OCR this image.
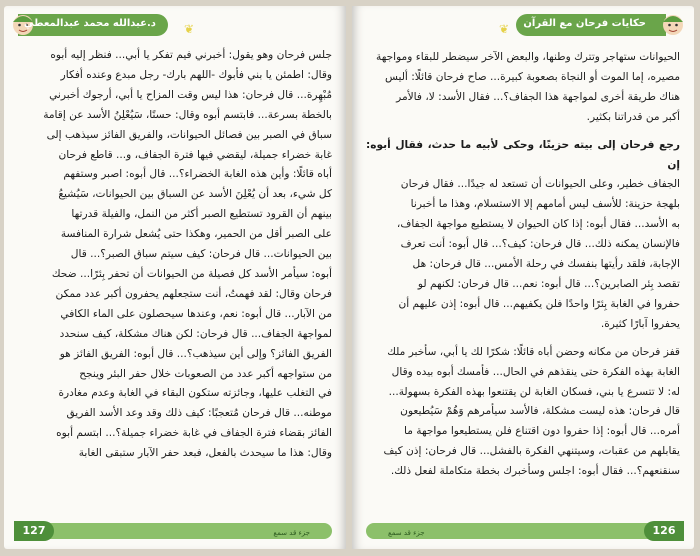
د.عبدالله محمد عبدالمعطي ❦

جلس فرحان وهو يقول: أخبرني فيم تفكر يا أبي... فنظر إليه أبوه

وقال: اطمئن يا بني فأبوك -اللهم بارك- رجل مبدع وعنده أفكار

مُبْهِرة... قال فرحان: هذا ليس وقت المزاح يا أبي، أرجوك أخبرني

بالخطة بسرعة... فابتسم أبوه وقال: حسنًا، سَيُعْلِنُ الأسد عن إقامة

سباق في الصبر بين فصائل الحيوانات، والفريق الفائز سيذهب إلى

غابة خضراء جميلة، ليقضي فيها فترة الجفاف، و... قاطع فرحان

أباه قائلًا: وأين هذه الغابة الخضراء؟... قال أبوه: اصبر وستفهم

كل شيء، بعد أن يُعْلِنَ الأسد عن السباق بين الحيوانات، سَيُشيعُ

بينهم أن القرود تستطيع الصبر أكثر من النمل، والفيلة قدرتها

على الصبر أقل من الحمير، وهكذا حتى يُشعل شرارة المنافسة

بين الحيوانات... قال فرحان: كيف سيتم سباق الصبر؟... قال

أبوه: سيأمر الأسد كل فصيلة من الحيوانات أن تحفر بِئرًا... ضحك

فرحان وقال: لقد فهمتُ، أنت ستجعلهم يحفرون أكبر عدد ممكن

من الآبار... قال أبوه: نعم، وعندها سيحصلون على الماء الكافي

لمواجهة الجفاف... قال فرحان: لكن هناك مشكلة، كيف سنحدد

الفريق الفائز؟ وإلى أين سيذهب؟... قال أبوه: الفريق الفائز هو

من ستواجهه أكبر عدد من الصعوبات خلال حفر البئر وينجح

في التغلب عليها، وجائزته ستكون البقاء في الغابة وعدم مغادرة

موطنه... قال فرحان مُتعجبًا: كيف ذلك وقد وعد الأسد الفريق

الفائز بقضاء فترة الجفاف في غابة خضراء جميلة؟... ابتسم أبوه

وقال: هذا ما سيحدث بالفعل، فبعد حفر الآبار ستبقى الغابة

جزء قد سمع
127
حكايات فرحان مع القرآن
❦

الحيوانات ستهاجر وتترك وطنها، والبعض الآخر سيضطر للبقاء ومواجهة

مصيره، إما الموت أو النجاة بصعوبة كبيرة... صاح فرحان قائلًا: أليس

هناك طريقة أخرى لمواجهة هذا الجفاف؟... فقال الأسد: لا، فالأمر

أكبر من قدراتنا بكثير.

رجع فرحان إلى بيته حزينًا، وحكى لأبيه ما حدث، فقال أبوه: إن

الجفاف خطير، وعلى الحيوانات أن تستعد له جيدًا... فقال فرحان

بلهجة حزينة: للأسف ليس أمامهم إلا الاستسلام، وهذا ما أخبرنا

به الأسد... فقال أبوه: إذا كان الحيوان لا يستطيع مواجهة الجفاف،

فالإنسان يمكنه ذلك... قال فرحان: كيف؟... قال أبوه: أنت تعرف

الإجابة، فلقد رأيتها بنفسك في رحلة الأمس... قال فرحان: هل

تقصد بِئر الصابرين؟... قال أبوه: نعم... قال فرحان: لكنهم لو

حفروا في الغابة بِئرًا واحدًا فلن يكفيهم... قال أبوه: إذن عليهم أن

يحفروا آبارًا كثيرة.

قفز فرحان من مكانه وحضن أباه قائلًا: شكرًا لك يا أبي، سأخبر ملك

الغابة بهذه الفكرة حتى ينقذهم في الحال... فأمسك أبوه بيده وقال

له: لا تتسرع يا بني، فسكان الغابة لن يقتنعوا بهذه الفكرة بسهولة...

قال فرحان: هذه ليست مشكلة، فالأسد سيأمرهم وَهُمْ سَيُطيعون

أمره... قال أبوه: إذا حفروا دون اقتناع فلن يستطيعوا مواجهة ما

يقابلهم من عقبات، وسيتنهي الفكرة بالفشل... قال فرحان: إذن كيف

سنقنعهم؟... فقال أبوه: اجلس وسأخبرك بخطة متكاملة لفعل ذلك.

جزء قد سمع	126
